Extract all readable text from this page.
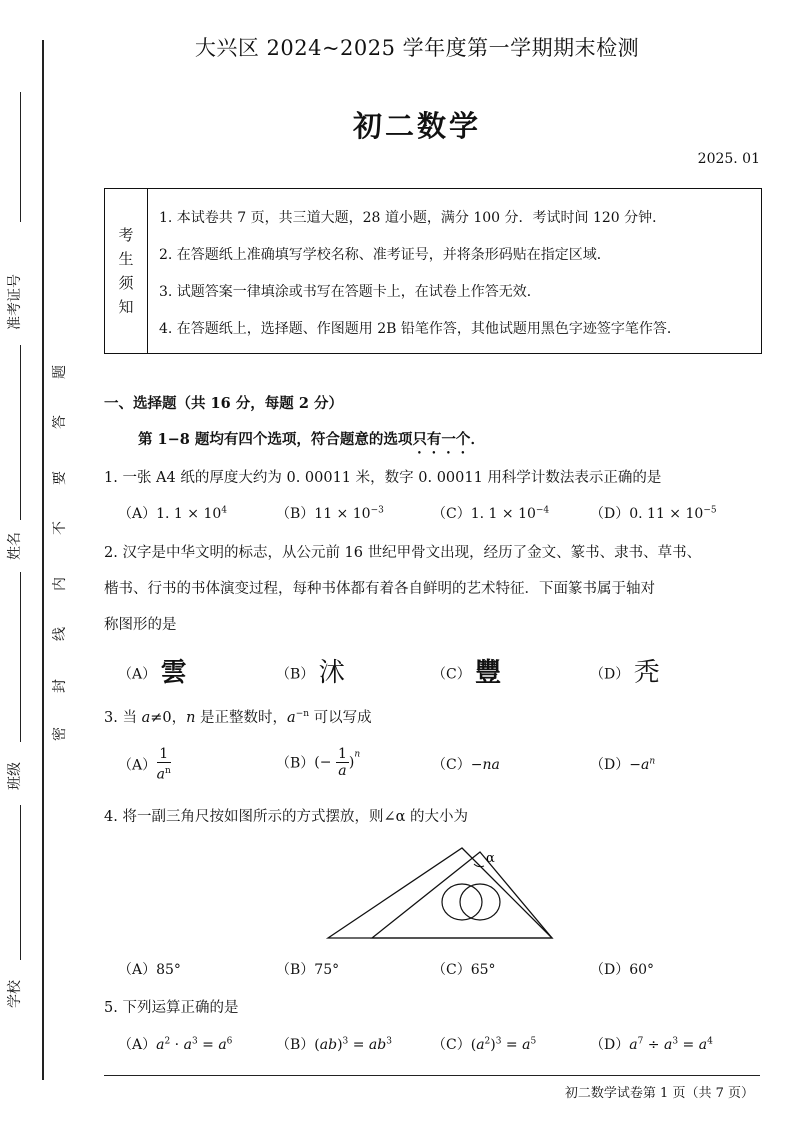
准考证号
姓名
班级
学校
题
答
要
不
内
线
封
密
大兴区 2024~2025 学年度第一学期期末检测
初二数学
2025. 01
考
生
须
知
1. 本试卷共 7 页，共三道大题，28 道小题，满分 100 分．考试时间 120 分钟．
2. 在答题纸上准确填写学校名称、准考证号，并将条形码贴在指定区域．
3. 试题答案一律填涂或书写在答题卡上，在试卷上作答无效．
4. 在答题纸上，选择题、作图题用 2B 铅笔作答，其他试题用黑色字迹签字笔作答．
一、选择题（共 16 分，每题 2 分）
第 1−8 题均有四个选项，符合题意的选项只有一个．
1. 一张 A4 纸的厚度大约为 0. 00011 米，数字 0. 00011 用科学计数法表示正确的是
（A）1. $1 \times 10^4$	$(B)11 \times 10^{-3}$	（C）1. $1 \times 10^{-4}$	（D）0. $11 \times 10^{-5}$
2. 汉字是中华文明的标志，从公元前 16 世纪甲骨文出现，经历了金文、篆书、隶书、草书、
楷书、行书的书体演变过程，每种书体都有着各自鲜明的艺术特征．下面篆书属于轴对
称图形的是
（A） 雲	（B） 沭	（C） 豐	（D） 秃
3. 当 a≠0，n 是正整数时，$a^{-n}$ 可以写成
$(A) \frac{1}{a^n}$	$(B)(- \frac{1}{a} )^n$
（C）−na	$(D)-a^n$
4. 将一副三角尺按如图所示的方式摆放，则∠α 的大小为
α
（A）85°	（B）75°	（C）65°	（D）60°
5. 下列运算正确的是
$(A)a^2 \cdot a^3 = a^6$	$(B)(ab)^3 = ab^3$	$(C)(a^2)^3 = a^5$	$(D)a^7 \div a^3 = a^4$
初二数学试卷第 1 页（共 7 页）
